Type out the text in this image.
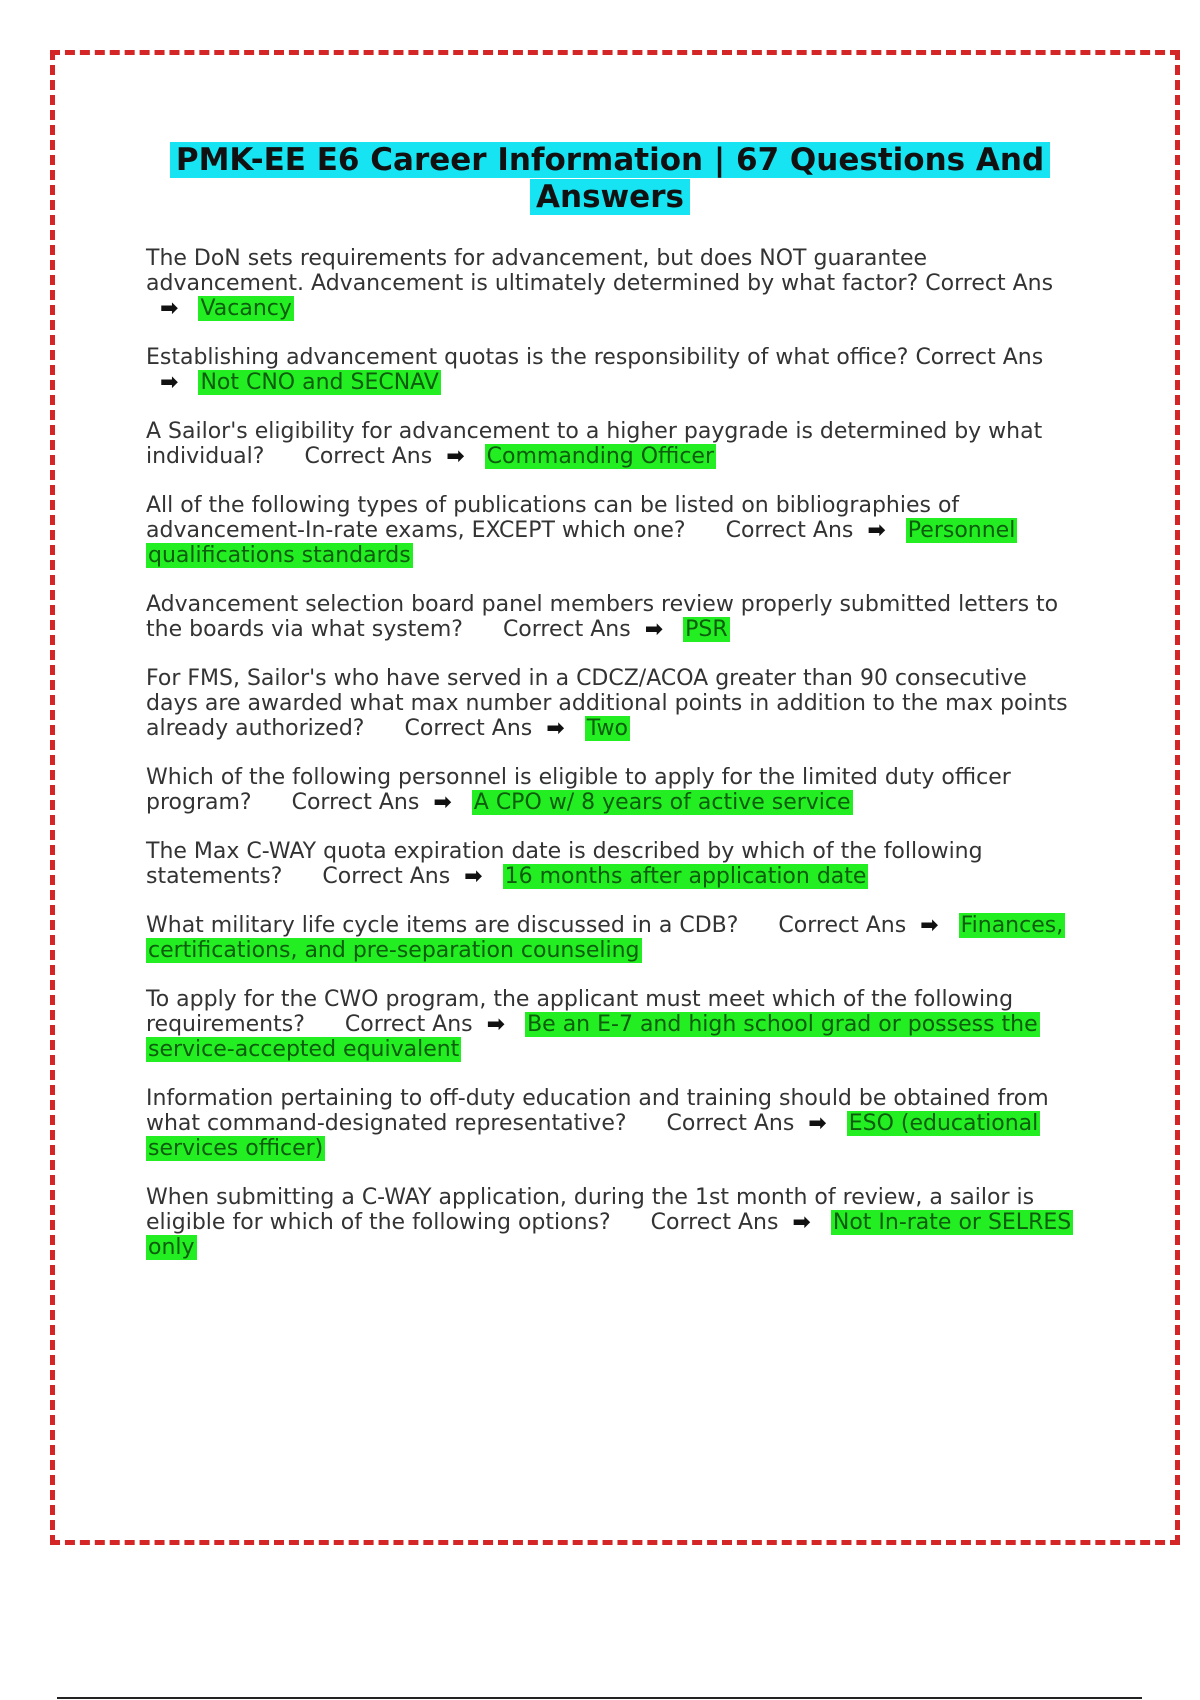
PMK-EE E6 Career Information | 67 Questions And Answers

The DoN sets requirements for advancement, but does NOT guarantee advancement. Advancement is ultimately determined by what factor? Correct Ans➡ Vacancy

Establishing advancement quotas is the responsibility of what office? Correct Ans➡ Not CNO and SECNAV

A Sailor's eligibility for advancement to a higher paygrade is determined by what individual? Correct Ans ➡ Commanding Officer

All of the following types of publications can be listed on bibliographies of advancement-In-rate exams, EXCEPT which one? Correct Ans ➡ Personnel qualifications standards

Advancement selection board panel members review properly submitted letters to the boards via what system? Correct Ans ➡ PSR

For FMS, Sailor's who have served in a CDCZ/ACOA greater than 90 consecutive days are awarded what max number additional points in addition to the max points already authorized? Correct Ans ➡ Two

Which of the following personnel is eligible to apply for the limited duty officer program? Correct Ans ➡ A CPO w/ 8 years of active service

The Max C-WAY quota expiration date is described by which of the following statements? Correct Ans ➡ 16 months after application date

What military life cycle items are discussed in a CDB? Correct Ans ➡ Finances, certifications, and pre-separation counseling

To apply for the CWO program, the applicant must meet which of the following requirements? Correct Ans ➡ Be an E-7 and high school grad or possess the service-accepted equivalent

Information pertaining to off-duty education and training should be obtained from what command-designated representative? Correct Ans ➡ ESO (educational services officer)

When submitting a C-WAY application, during the 1st month of review, a sailor is eligible for which of the following options? Correct Ans ➡ Not In-rate or SELRES only
